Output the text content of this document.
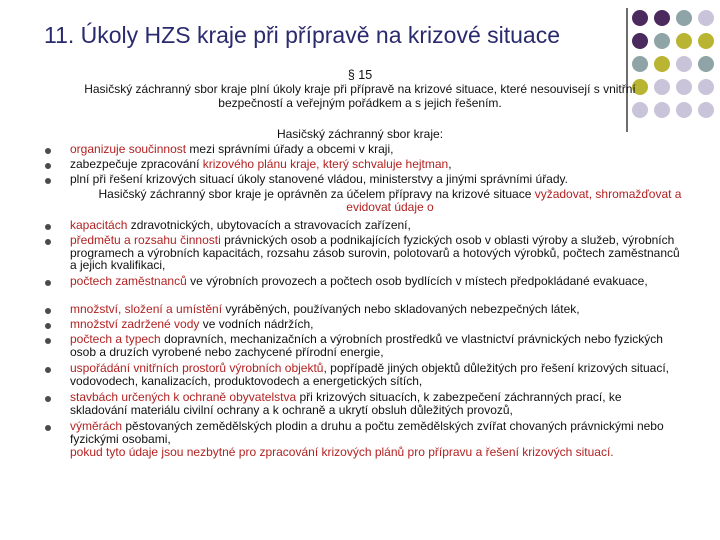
11. Úkoly HZS kraje při přípravě na krizové situace
§ 15
Hasičský záchranný sbor kraje plní úkoly kraje při přípravě na krizové situace, které nesouvisejí s vnitřní bezpečností a veřejným pořádkem a s jejich řešením.
Hasičský záchranný sbor kraje:
organizuje součinnost mezi správními úřady a obcemi v kraji,
zabezpečuje zpracování krizového plánu kraje, který schvaluje hejtman,
plní při řešení krizových situací úkoly stanovené vládou, ministerstvy a jinými správními úřady.
Hasičský záchranný sbor kraje je oprávněn za účelem přípravy na krizové situace vyžadovat, shromažďovat a evidovat údaje o
kapacitách zdravotnických, ubytovacích a stravovacích zařízení,
předmětu a rozsahu činnosti právnických osob a podnikajících fyzických osob v oblasti výroby a služeb, výrobních programech a výrobních kapacitách, rozsahu zásob surovin, polotovarů a hotových výrobků, počtech zaměstnanců a jejich kvalifikaci,
počtech zaměstnanců ve výrobních provozech a počtech osob bydlících v místech předpokládané evakuace,
množství, složení a umístění vyráběných, používaných nebo skladovaných nebezpečných látek,
množství zadržené vody ve vodních nádržích,
počtech a typech dopravních, mechanizačních a výrobních prostředků ve vlastnictví právnických nebo fyzických osob a druzích vyrobené nebo zachycené přírodní energie,
uspořádání vnitřních prostorů výrobních objektů, popřípadě jiných objektů důležitých pro řešení krizových situací, vodovodech, kanalizacích, produktovodech a energetických sítích,
stavbách určených k ochraně obyvatelstva při krizových situacích, k zabezpečení záchranných prací, ke skladování materiálu civilní ochrany a k ochraně a ukrytí obsluh důležitých provozů,
výměrách pěstovaných zemědělských plodin a druhu a počtu zemědělských zvířat chovaných právnickými nebo fyzickými osobami,
pokud tyto údaje jsou nezbytné pro zpracování krizových plánů pro přípravu a řešení krizových situací.
